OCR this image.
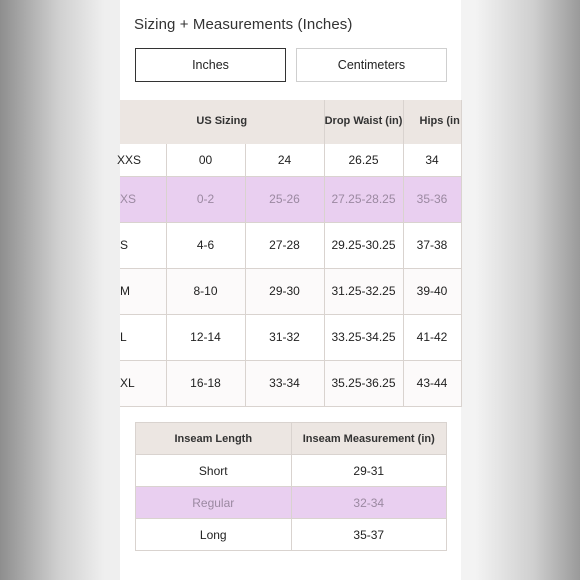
Sizing + Measurements (Inches)
Inches	Centimeters
US Sizing			Drop Waist (in)	Hips (in
XXS	00	24	26.25	34
XS	0-2	25-26	27.25-28.25	35-36
S	4-6	27-28	29.25-30.25	37-38
M	8-10	29-30	31.25-32.25	39-40
L	12-14	31-32	33.25-34.25	41-42
XL	16-18	33-34	35.25-36.25	43-44
Inseam Length	Inseam Measurement (in)
Short	29-31
Regular	32-34
Long	35-37
